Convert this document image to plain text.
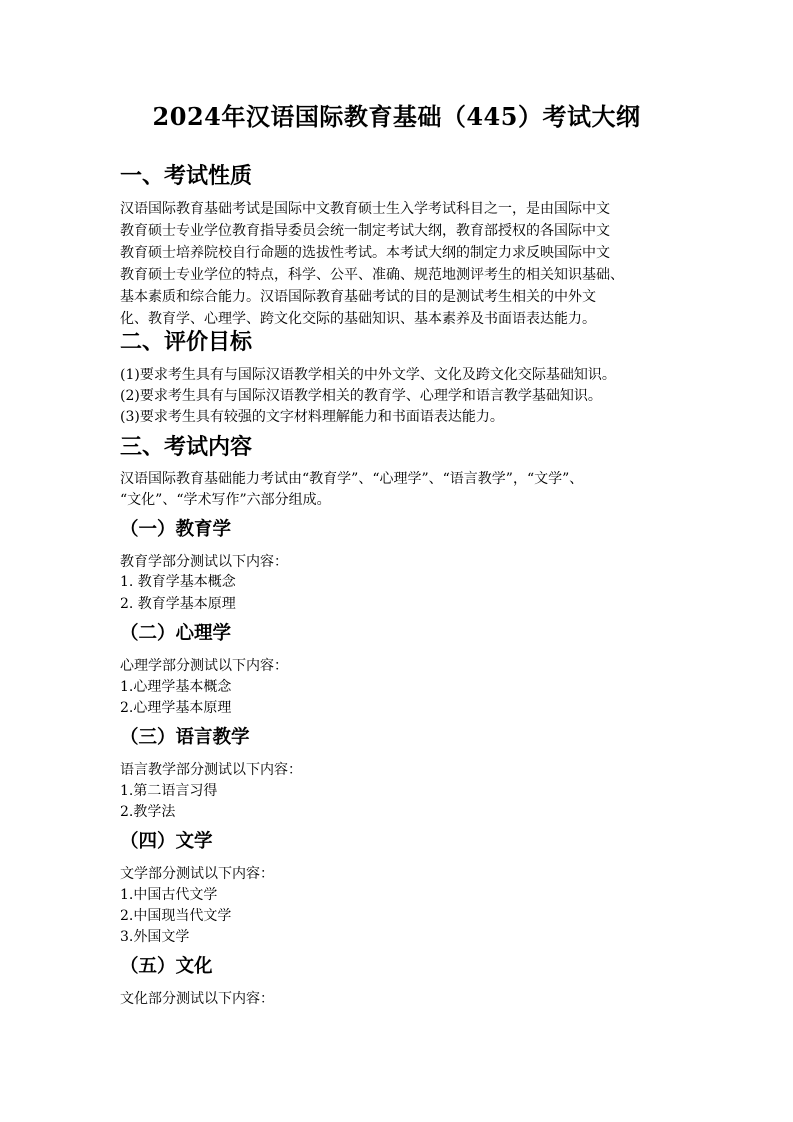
2024年汉语国际教育基础（445）考试大纲
一、考试性质
汉语国际教育基础考试是国际中文教育硕士生入学考试科目之一，是由国际中文
教育硕士专业学位教育指导委员会统一制定考试大纲，教育部授权的各国际中文
教育硕士培养院校自行命题的选拔性考试。本考试大纲的制定力求反映国际中文
教育硕士专业学位的特点，科学、公平、准确、规范地测评考生的相关知识基础、
基本素质和综合能力。汉语国际教育基础考试的目的是测试考生相关的中外文
化、教育学、心理学、跨文化交际的基础知识、基本素养及书面语表达能力。
二、评价目标
(1)要求考生具有与国际汉语教学相关的中外文学、文化及跨文化交际基础知识。
(2)要求考生具有与国际汉语教学相关的教育学、心理学和语言教学基础知识。
(3)要求考生具有较强的文字材料理解能力和书面语表达能力。
三、考试内容
汉语国际教育基础能力考试由“教育学”、“心理学”、“语言教学”，“文学”、
“文化”、“学术写作”六部分组成。
（一）教育学
教育学部分测试以下内容：
1. 教育学基本概念
2. 教育学基本原理
（二）心理学
心理学部分测试以下内容：
1.心理学基本概念
2.心理学基本原理
（三）语言教学
语言教学部分测试以下内容：
1.第二语言习得
2.教学法
（四）文学
文学部分测试以下内容：
1.中国古代文学
2.中国现当代文学
3.外国文学
（五）文化
文化部分测试以下内容：
